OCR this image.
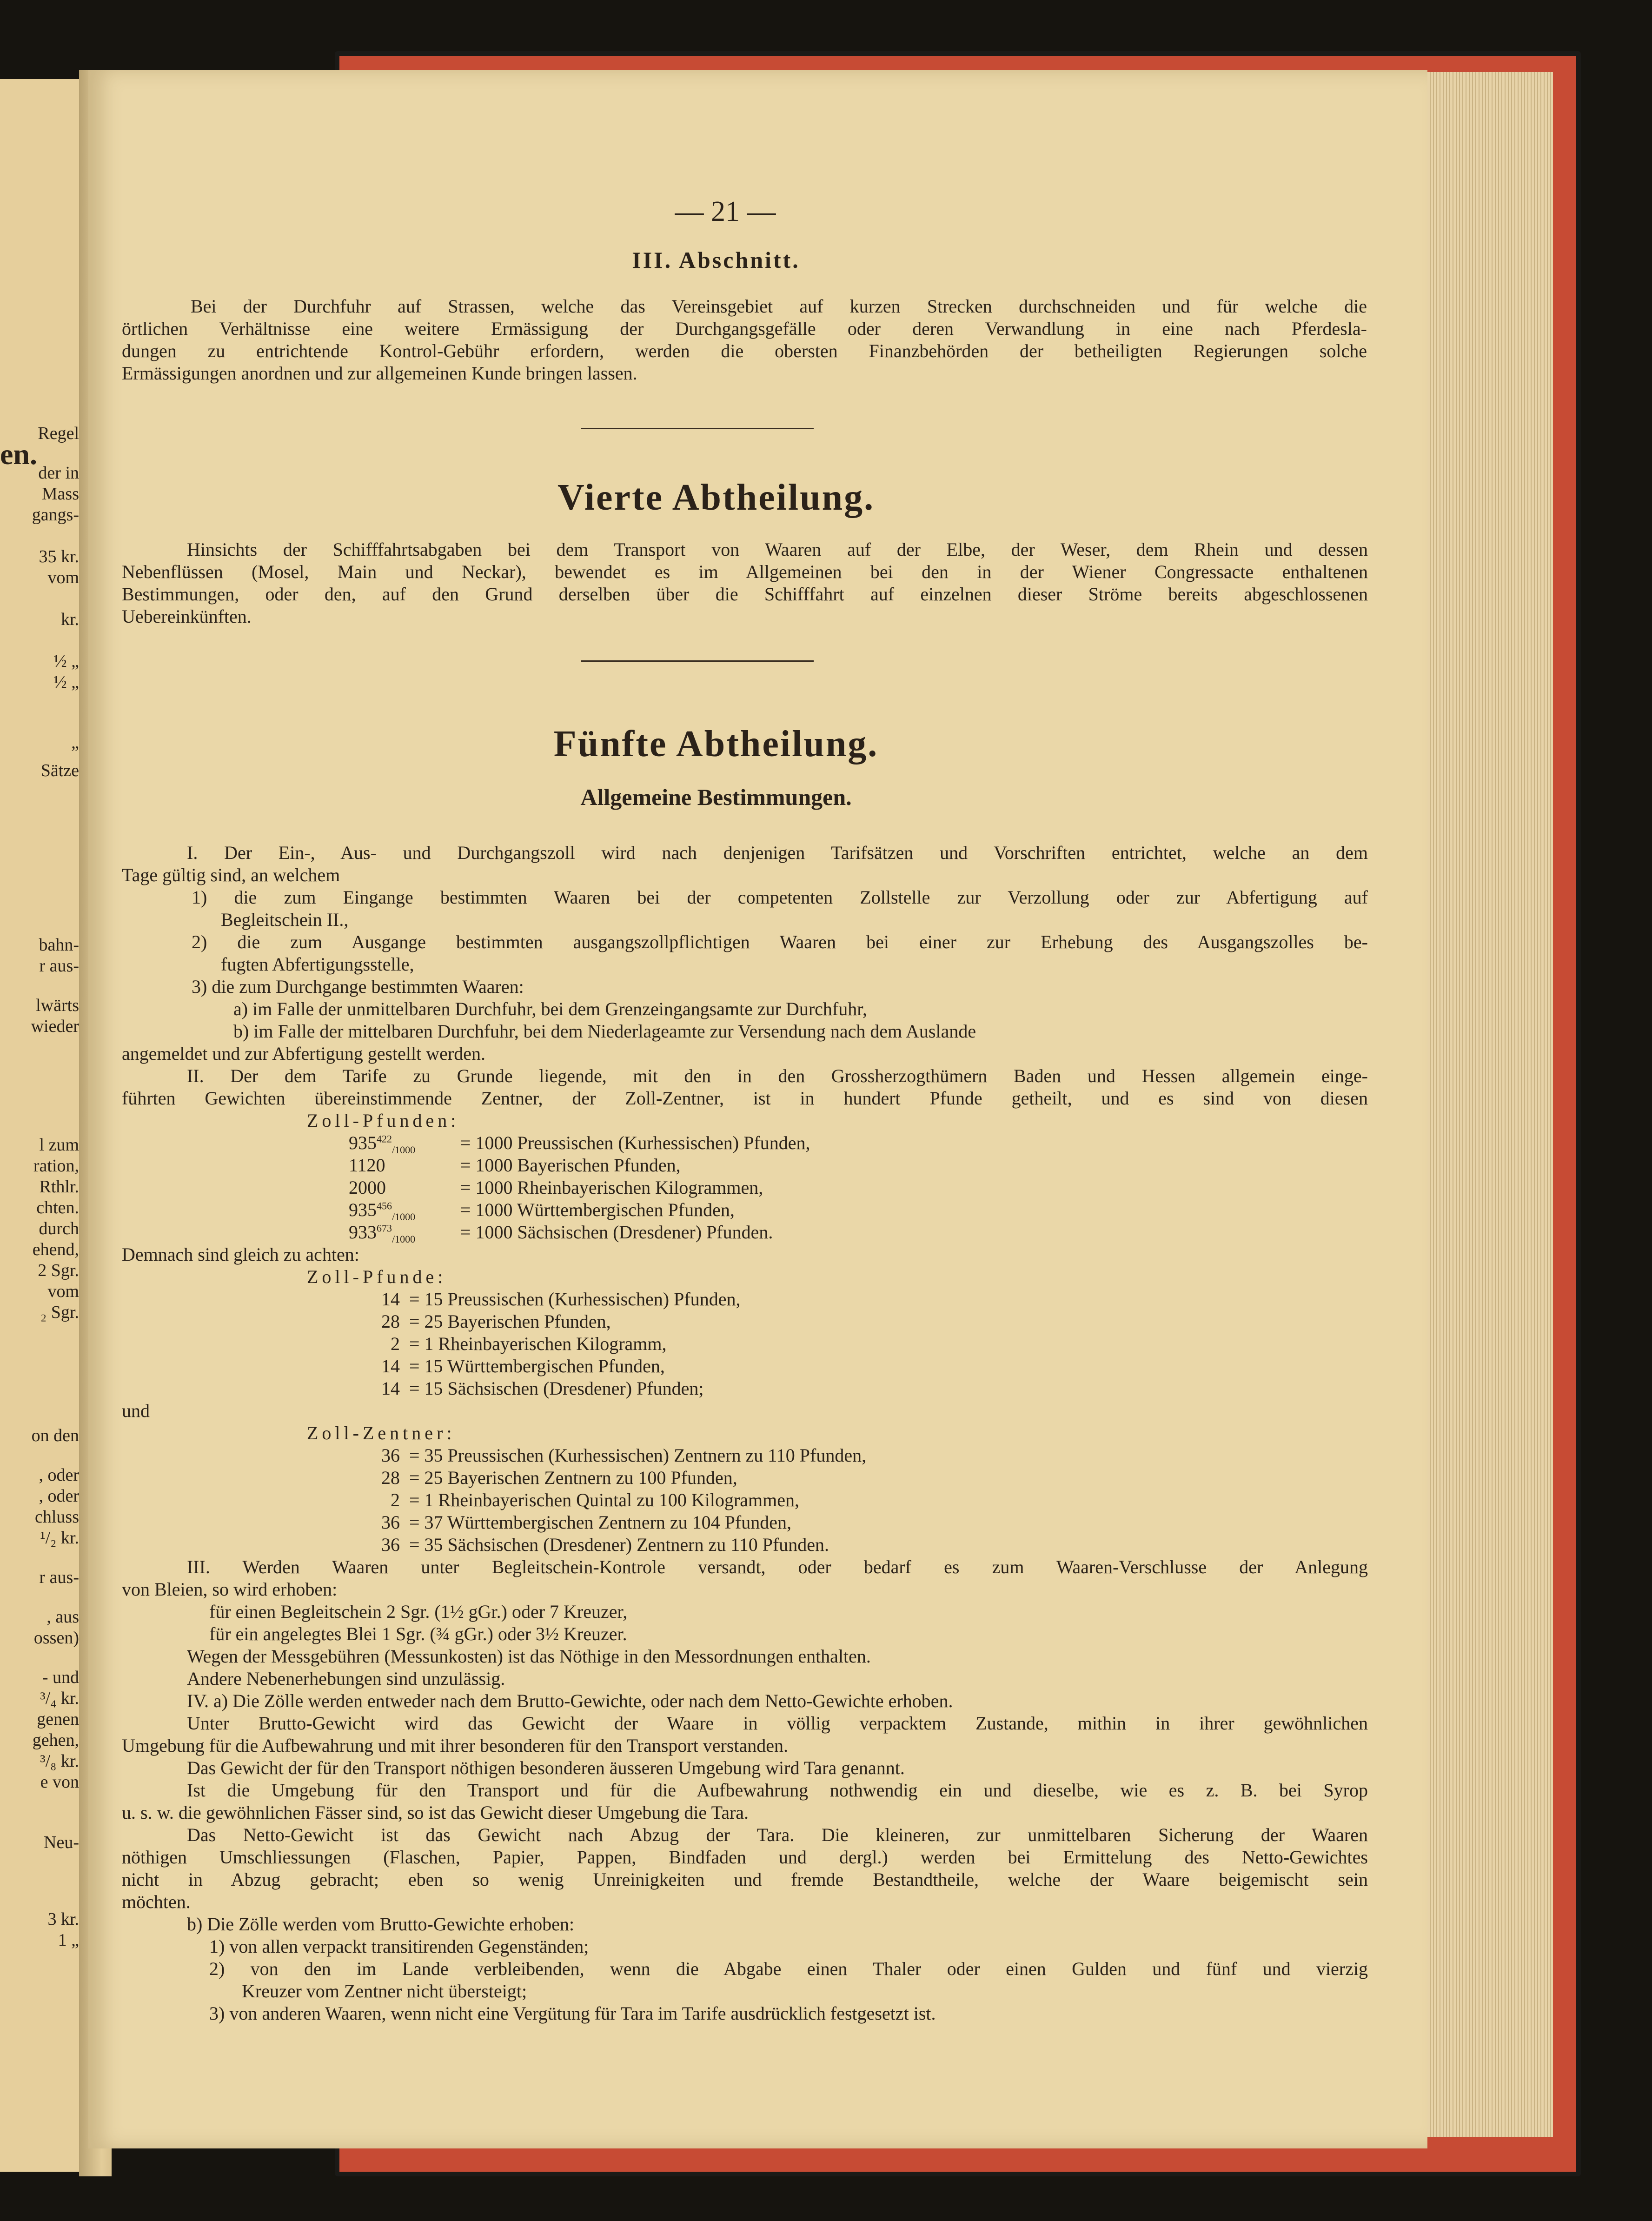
en.
Regel
der in
Mass
gangs-
35 kr.
vom
kr.
½ „
½ „
„
Sätze
bahn-
r aus-
lwärts
wieder
l zum
ration,
Rthlr.
chten.
durch
ehend,
2 Sgr.
vom
₂ Sgr.
on den
, oder
, oder
chluss
¹/₂ kr.
r aus-
, aus
ossen)
- und
³/₄ kr.
genen
gehen,
³/₈ kr.
e von
Neu-
3 kr.
1 „
— 21 —
III. Abschnitt.
Bei der Durchfuhr auf Strassen, welche das Vereinsgebiet auf kurzen Strecken durchschneiden und für welche die
örtlichen Verhältnisse eine weitere Ermässigung der Durchgangsgefälle oder deren Verwandlung in eine nach Pferdesla-
dungen zu entrichtende Kontrol-Gebühr erfordern, werden die obersten Finanzbehörden der betheiligten Regierungen solche
Ermässigungen anordnen und zur allgemeinen Kunde bringen lassen.
Vierte Abtheilung.
Hinsichts der Schifffahrtsabgaben bei dem Transport von Waaren auf der Elbe, der Weser, dem Rhein und dessen
Nebenflüssen (Mosel, Main und Neckar), bewendet es im Allgemeinen bei den in der Wiener Congressacte enthaltenen
Bestimmungen, oder den, auf den Grund derselben über die Schifffahrt auf einzelnen dieser Ströme bereits abgeschlossenen
Uebereinkünften.
Fünfte Abtheilung.
Allgemeine Bestimmungen.
I. Der Ein-, Aus- und Durchgangszoll wird nach denjenigen Tarifsätzen und Vorschriften entrichtet, welche an dem
Tage gültig sind, an welchem
1) die zum Eingange bestimmten Waaren bei der competenten Zollstelle zur Verzollung oder zur Abfertigung auf
Begleitschein II.,
2) die zum Ausgange bestimmten ausgangszollpflichtigen Waaren bei einer zur Erhebung des Ausgangszolles be-
fugten Abfertigungsstelle,
3) die zum Durchgange bestimmten Waaren:
a) im Falle der unmittelbaren Durchfuhr, bei dem Grenzeingangsamte zur Durchfuhr,
b) im Falle der mittelbaren Durchfuhr, bei dem Niederlageamte zur Versendung nach dem Auslande
angemeldet und zur Abfertigung gestellt werden.
II. Der dem Tarife zu Grunde liegende, mit den in den Grossherzogthümern Baden und Hessen allgemein einge-
führten Gewichten übereinstimmende Zentner, der Zoll-Zentner, ist in hundert Pfunde getheilt, und es sind von diesen
Zoll-Pfunden:
Demnach sind gleich zu achten:
Zoll-Pfunde:
und
Zoll-Zentner:
III. Werden Waaren unter Begleitschein-Kontrole versandt, oder bedarf es zum Waaren-Verschlusse der Anlegung
von Bleien, so wird erhoben:
für einen Begleitschein 2 Sgr. (1½ gGr.) oder 7 Kreuzer,
für ein angelegtes Blei 1 Sgr. (¾ gGr.) oder 3½ Kreuzer.
Wegen der Messgebühren (Messunkosten) ist das Nöthige in den Messordnungen enthalten.
Andere Nebenerhebungen sind unzulässig.
IV. a) Die Zölle werden entweder nach dem Brutto-Gewichte, oder nach dem Netto-Gewichte erhoben.
Unter Brutto-Gewicht wird das Gewicht der Waare in völlig verpacktem Zustande, mithin in ihrer gewöhnlichen
Umgebung für die Aufbewahrung und mit ihrer besonderen für den Transport verstanden.
Das Gewicht der für den Transport nöthigen besonderen äusseren Umgebung wird Tara genannt.
Ist die Umgebung für den Transport und für die Aufbewahrung nothwendig ein und dieselbe, wie es z. B. bei Syrop
u. s. w. die gewöhnlichen Fässer sind, so ist das Gewicht dieser Umgebung die Tara.
Das Netto-Gewicht ist das Gewicht nach Abzug der Tara. Die kleineren, zur unmittelbaren Sicherung der Waaren
nöthigen Umschliessungen (Flaschen, Papier, Pappen, Bindfaden und dergl.) werden bei Ermittelung des Netto-Gewichtes
nicht in Abzug gebracht; eben so wenig Unreinigkeiten und fremde Bestandtheile, welche der Waare beigemischt sein
möchten.
b) Die Zölle werden vom Brutto-Gewichte erhoben:
1) von allen verpackt transitirenden Gegenständen;
2) von den im Lande verbleibenden, wenn die Abgabe einen Thaler oder einen Gulden und fünf und vierzig
Kreuzer vom Zentner nicht übersteigt;
3) von anderen Waaren, wenn nicht eine Vergütung für Tara im Tarife ausdrücklich festgesetzt ist.
$935^{422}_{/1000} = 1000$ Preussischen (Kurhessischen) Pfunden,
1120	= 1000 Bayerischen Pfunden,
2000	= 1000 Rheinbayerischen Kilogrammen,
$935^{456}_{/1000} = 1000$ Württembergischen Pfunden,
$933^{673}_{/1000} = 1000$ Sächsischen (Dresdener) Pfunden.
14 = 15 Preussischen (Kurhessischen) Pfunden,
28 = 25 Bayerischen Pfunden,
2 = 1 Rheinbayerischen Kilogramm,
14 = 15 Württembergischen Pfunden,
14 = 15 Sächsischen (Dresdener) Pfunden;
36 = 35 Preussischen (Kurhessischen) Zentnern zu 110 Pfunden,
28 = 25 Bayerischen Zentnern zu 100 Pfunden,
2 = 1 Rheinbayerischen Quintal zu 100 Kilogrammen,
36 = 37 Württembergischen Zentnern zu 104 Pfunden,
36 = 35 Sächsischen (Dresdener) Zentnern zu 110 Pfunden.
